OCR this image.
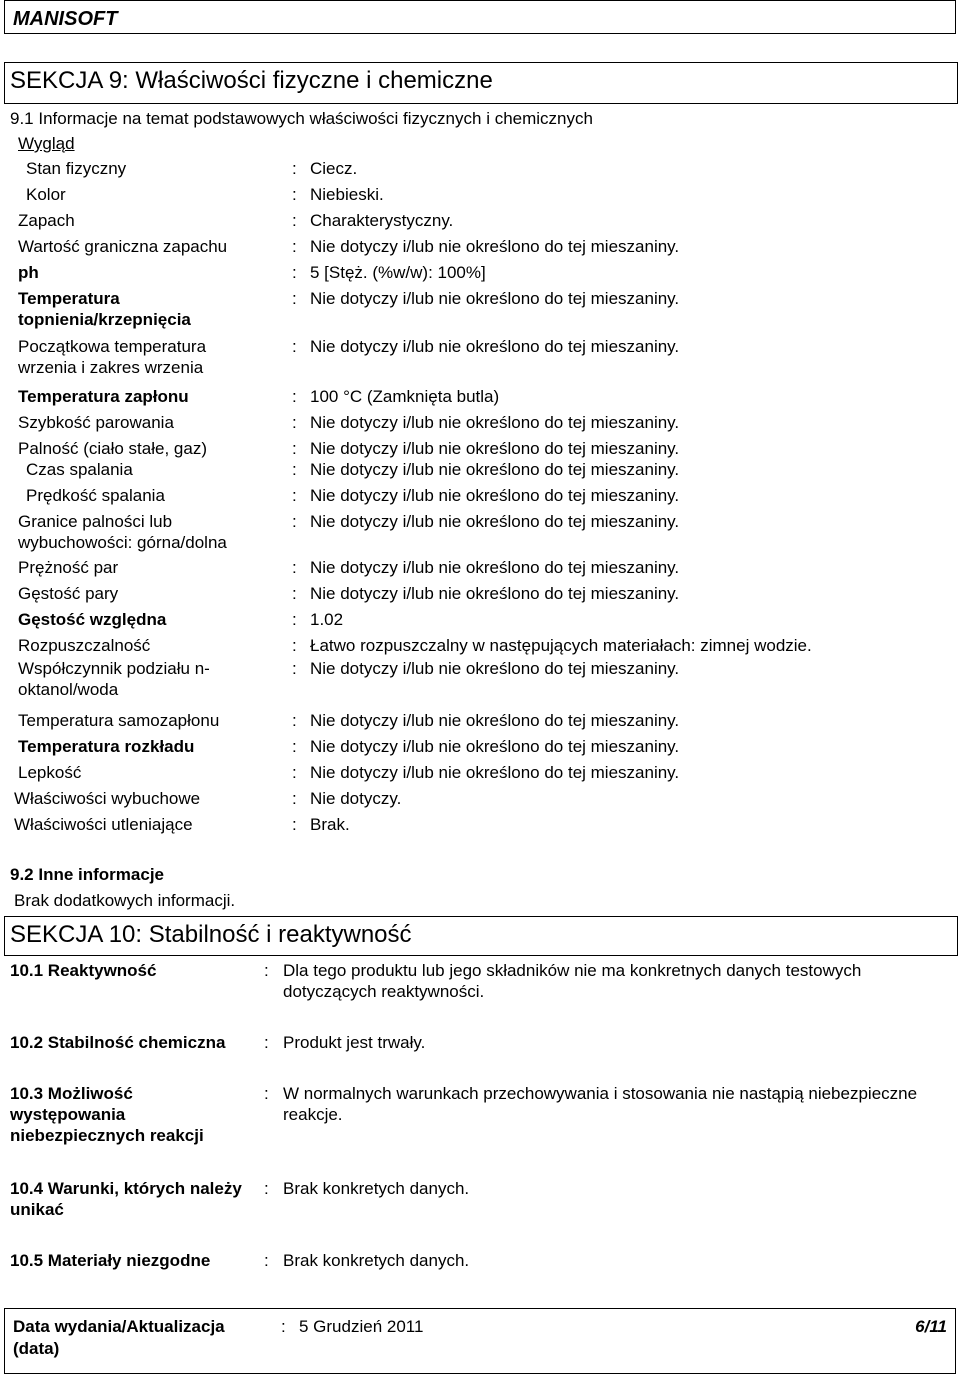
MANISOFT
SEKCJA 9: Właściwości fizyczne i chemiczne
9.1 Informacje na temat podstawowych właściwości fizycznych i chemicznych
Wygląd
Stan fizyczny	: Ciecz.
Kolor	: Niebieski.
Zapach	: Charakterystyczny.
Wartość graniczna zapachu	: Nie dotyczy i/lub nie określono do tej mieszaniny.
ph	: 5 [Stęż. (%w/w): 100%]
Temperatura
topnienia/krzepnięcia
: Nie dotyczy i/lub nie określono do tej mieszaniny.
Początkowa temperatura
wrzenia i zakres wrzenia
: Nie dotyczy i/lub nie określono do tej mieszaniny.
Temperatura zapłonu	: 100 °C (Zamknięta butla)
Szybkość parowania	: Nie dotyczy i/lub nie określono do tej mieszaniny.
Palność (ciało stałe, gaz)	: Nie dotyczy i/lub nie określono do tej mieszaniny.
Czas spalania	: Nie dotyczy i/lub nie określono do tej mieszaniny.
Prędkość spalania	: Nie dotyczy i/lub nie określono do tej mieszaniny.
Granice palności lub
wybuchowości: górna/dolna
: Nie dotyczy i/lub nie określono do tej mieszaniny.
Prężność par	: Nie dotyczy i/lub nie określono do tej mieszaniny.
Gęstość pary	: Nie dotyczy i/lub nie określono do tej mieszaniny.
Gęstość względna	: 1.02
Rozpuszczalność	: Łatwo rozpuszczalny w następujących materiałach: zimnej wodzie.
Współczynnik podziału n-
oktanol/woda
: Nie dotyczy i/lub nie określono do tej mieszaniny.
Temperatura samozapłonu	: Nie dotyczy i/lub nie określono do tej mieszaniny.
Temperatura rozkładu	: Nie dotyczy i/lub nie określono do tej mieszaniny.
Lepkość	: Nie dotyczy i/lub nie określono do tej mieszaniny.
Właściwości wybuchowe	: Nie dotyczy.
Właściwości utleniające	: Brak.
9.2 Inne informacje
Brak dodatkowych informacji.
SEKCJA 10: Stabilność i reaktywność
10.1 Reaktywność	: Dla tego produktu lub jego składników nie ma konkretnych danych testowych
dotyczących reaktywności.
10.2 Stabilność chemiczna : Produkt jest trwały.
10.3 Możliwość
występowania
niebezpiecznych reakcji
: W normalnych warunkach przechowywania i stosowania nie nastąpią niebezpieczne
reakcje.
10.4 Warunki, których należy
unikać
: Brak konkretych danych.
10.5 Materiały niezgodne	: Brak konkretych danych.
Data wydania/Aktualizacja
(data)
: 5 Grudzień 2011	6/11
